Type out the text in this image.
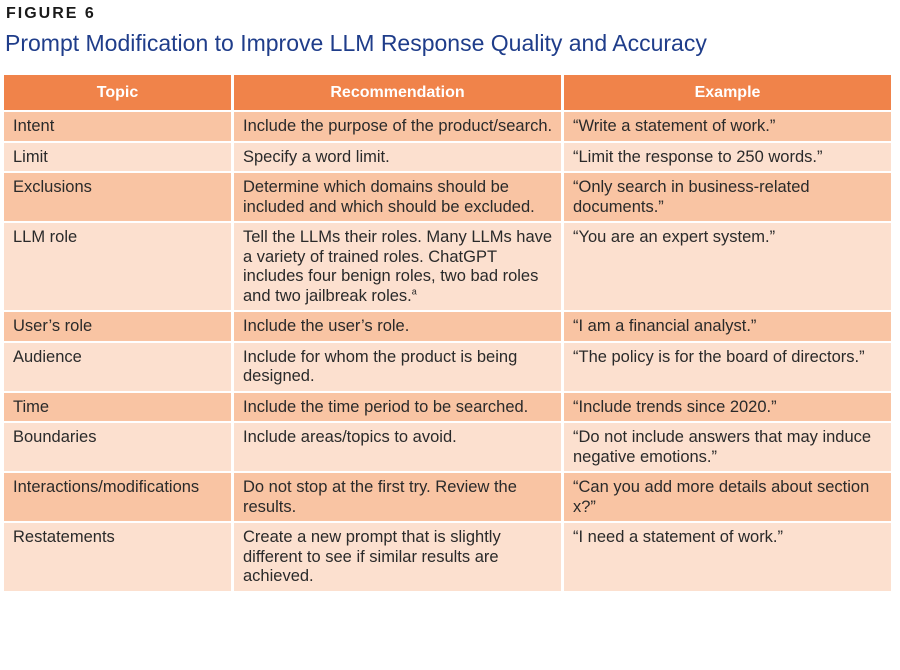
FIGURE 6
Prompt Modification to Improve LLM Response Quality and Accuracy
Topic	Recommendation	Example
Intent	Include the purpose of the product/search.	“Write a statement of work.”
Limit	Specify a word limit.	“Limit the response to 250 words.”
Exclusions	Determine which domains should be included and which should be excluded.	“Only search in business-related documents.”
LLM role	Tell the LLMs their roles. Many LLMs have a variety of trained roles. ChatGPT includes four benign roles, two bad roles and two jailbreak roles.$^a$	“You are an expert system.”
User’s role	Include the user’s role.	“I am a financial analyst.”
Audience	Include for whom the product is being designed.	“The policy is for the board of directors.”
Time	Include the time period to be searched.	“Include trends since 2020.”
Boundaries	Include areas/topics to avoid.	“Do not include answers that may induce negative emotions.”
Interactions/modifications	Do not stop at the first try. Review the results.	“Can you add more details about section x?”
Restatements	Create a new prompt that is slightly different to see if similar results are achieved.	“I need a statement of work.”
